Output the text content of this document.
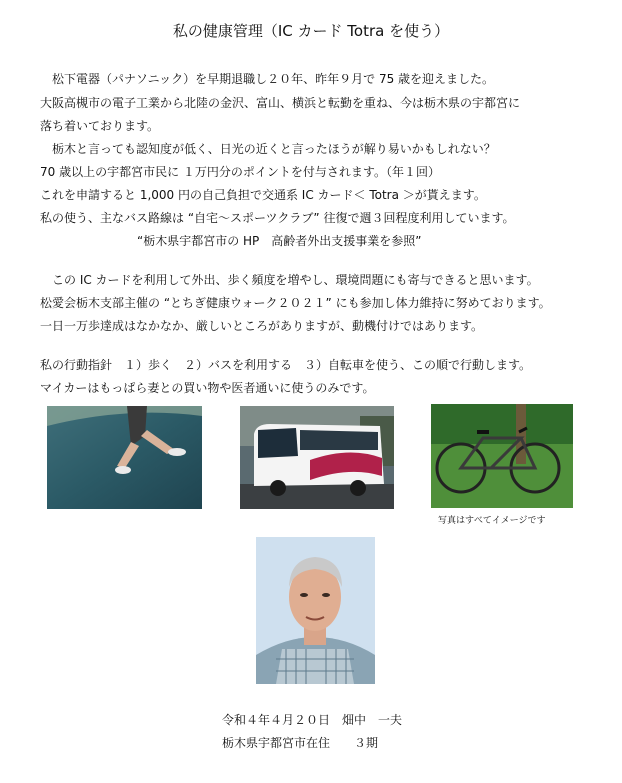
私の健康管理（IC カード Totra を使う）
松下電器（パナソニック）を早期退職し２０年、昨年９月で 75 歳を迎えました。
大阪高槻市の電子工業から北陸の金沢、富山、横浜と転勤を重ね、今は栃木県の宇都宮に
落ち着いております。
栃木と言っても認知度が低く、日光の近くと言ったほうが解り易いかもしれない？
70 歳以上の宇都宮市民に １万円分のポイントを付与されます。（年１回）
これを申請すると 1,000 円の自己負担で交通系 IC カード＜ Totra ＞が貰えます。
私の使う、主なバス路線は “自宅～スポーツクラブ” 往復で週３回程度利用しています。
“栃木県宇都宮市の HP　高齢者外出支援事業を参照”
この IC カードを利用して外出、歩く頻度を増やし、環境問題にも寄与できると思います。
松愛会栃木支部主催の “とちぎ健康ウォーク２０２１” にも参加し体力維持に努めております。
一日一万歩達成はなかなか、厳しいところがありますが、動機付けではあります。
私の行動指針　１）歩く　２）バスを利用する　３）自転車を使う、この順で行動します。
マイカーはもっぱら妻との買い物や医者通いに使うのみです。
写真はすべてイメージです
令和４年４月２０日　畑中　一夫
栃木県宇都宮市在住　　３期
